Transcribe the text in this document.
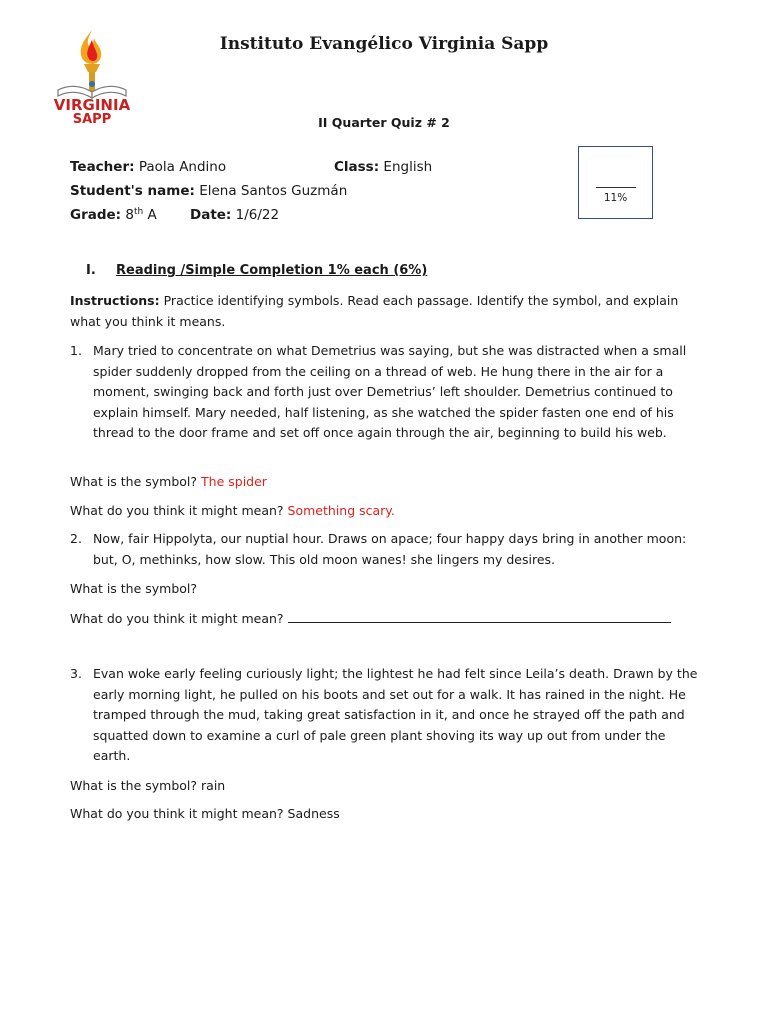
VIRGINIA
SAPP
Instituto Evangélico Virginia Sapp
II Quarter Quiz # 2
Teacher: Paola Andino	Class: English
Student's name: Elena Santos Guzmán
Grade: 8th A Date: 1/6/22
11%
I. Reading /Simple Completion 1% each (6%)
Instructions: Practice identifying symbols. Read each passage. Identify the symbol, and explain what you think it means.
1. Mary tried to concentrate on what Demetrius was saying, but she was distracted when a small spider suddenly dropped from the ceiling on a thread of web. He hung there in the air for a moment, swinging back and forth just over Demetrius’ left shoulder. Demetrius continued to explain himself. Mary needed, half listening, as she watched the spider fasten one end of his thread to the door frame and set off once again through the air, beginning to build his web.
What is the symbol? The spider
What do you think it might mean? Something scary.
2. Now, fair Hippolyta, our nuptial hour. Draws on apace; four happy days bring in another moon: but, O, methinks, how slow. This old moon wanes! she lingers my desires.
What is the symbol?
What do you think it might mean?
3. Evan woke early feeling curiously light; the lightest he had felt since Leila’s death. Drawn by the early morning light, he pulled on his boots and set out for a walk. It has rained in the night. He tramped through the mud, taking great satisfaction in it, and once he strayed off the path and squatted down to examine a curl of pale green plant shoving its way up out from under the earth.
What is the symbol? rain
What do you think it might mean? Sadness
